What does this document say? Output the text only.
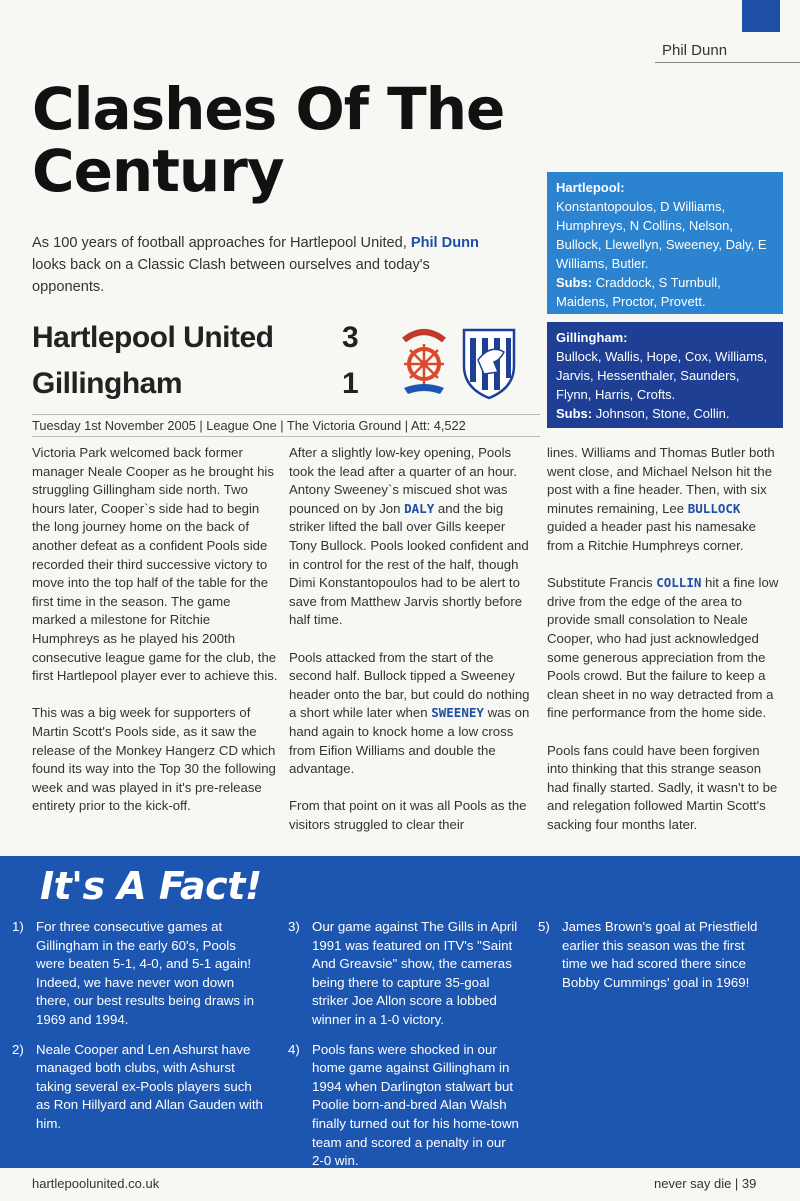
Phil Dunn
Clashes Of The Century

As 100 years of football approaches for Hartlepool United, Phil Dunn looks back on a Classic Clash between ourselves and today's opponents.

Hartlepool United	3
Gillingham	1
Tuesday 1st November 2005 | League One | The Victoria Ground | Att: 4,522
Hartlepool:
Konstantopoulos, D Williams, Humphreys, N Collins, Nelson, Bullock, Llewellyn, Sweeney, Daly, E Williams, Butler.
Subs: Craddock, S Turnbull, Maidens, Proctor, Provett.
Gillingham:
Bullock, Wallis, Hope, Cox, Williams, Jarvis, Hessenthaler, Saunders, Flynn, Harris, Crofts.
Subs: Johnson, Stone, Collin.

Victoria Park welcomed back former manager Neale Cooper as he brought his struggling Gillingham side north. Two hours later, Cooper`s side had to begin the long journey home on the back of another defeat as a confident Pools side recorded their third successive victory to move into the top half of the table for the first time in the season. The game marked a milestone for Ritchie Humphreys as he played his 200th consecutive league game for the club, the first Hartlepool player ever to achieve this.

This was a big week for supporters of Martin Scott's Pools side, as it saw the release of the Monkey Hangerz CD which found its way into the Top 30 the following week and was played in it's pre-release entirety prior to the kick-off.

After a slightly low-key opening, Pools took the lead after a quarter of an hour. Antony Sweeney`s miscued shot was pounced on by Jon DALY and the big striker lifted the ball over Gills keeper Tony Bullock. Pools looked confident and in control for the rest of the half, though Dimi Konstantopoulos had to be alert to save from Matthew Jarvis shortly before half time.

Pools attacked from the start of the second half. Bullock tipped a Sweeney header onto the bar, but could do nothing a short while later when SWEENEY was on hand again to knock home a low cross from Eifion Williams and double the advantage.

From that point on it was all Pools as the visitors struggled to clear their

lines. Williams and Thomas Butler both went close, and Michael Nelson hit the post with a fine header. Then, with six minutes remaining, Lee BULLOCK guided a header past his namesake from a Ritchie Humphreys corner.

Substitute Francis COLLIN hit a fine low drive from the edge of the area to provide small consolation to Neale Cooper, who had just acknowledged some generous appreciation from the Pools crowd. But the failure to keep a clean sheet in no way detracted from a fine performance from the home side.

Pools fans could have been forgiven into thinking that this strange season had finally started. Sadly, it wasn't to be and relegation followed Martin Scott's sacking four months later.

It's A Fact!
1) For three consecutive games at Gillingham in the early 60's, Pools were beaten 5-1, 4-0, and 5-1 again! Indeed, we have never won down there, our best results being draws in 1969 and 1994.
2) Neale Cooper and Len Ashurst have managed both clubs, with Ashurst taking several ex-Pools players such as Ron Hillyard and Allan Gauden with him.
3) Our game against The Gills in April 1991 was featured on ITV's "Saint And Greavsie" show, the cameras being there to capture 35-goal striker Joe Allon score a lobbed winner in a 1-0 victory.
4) Pools fans were shocked in our home game against Gillingham in 1994 when Darlington stalwart but Poolie born-and-bred Alan Walsh finally turned out for his home-town team and scored a penalty in our 2-0 win.
5) James Brown's goal at Priestfield earlier this season was the first time we had scored there since Bobby Cummings' goal in 1969!
hartlepoolunited.co.uk	never say die | 39
